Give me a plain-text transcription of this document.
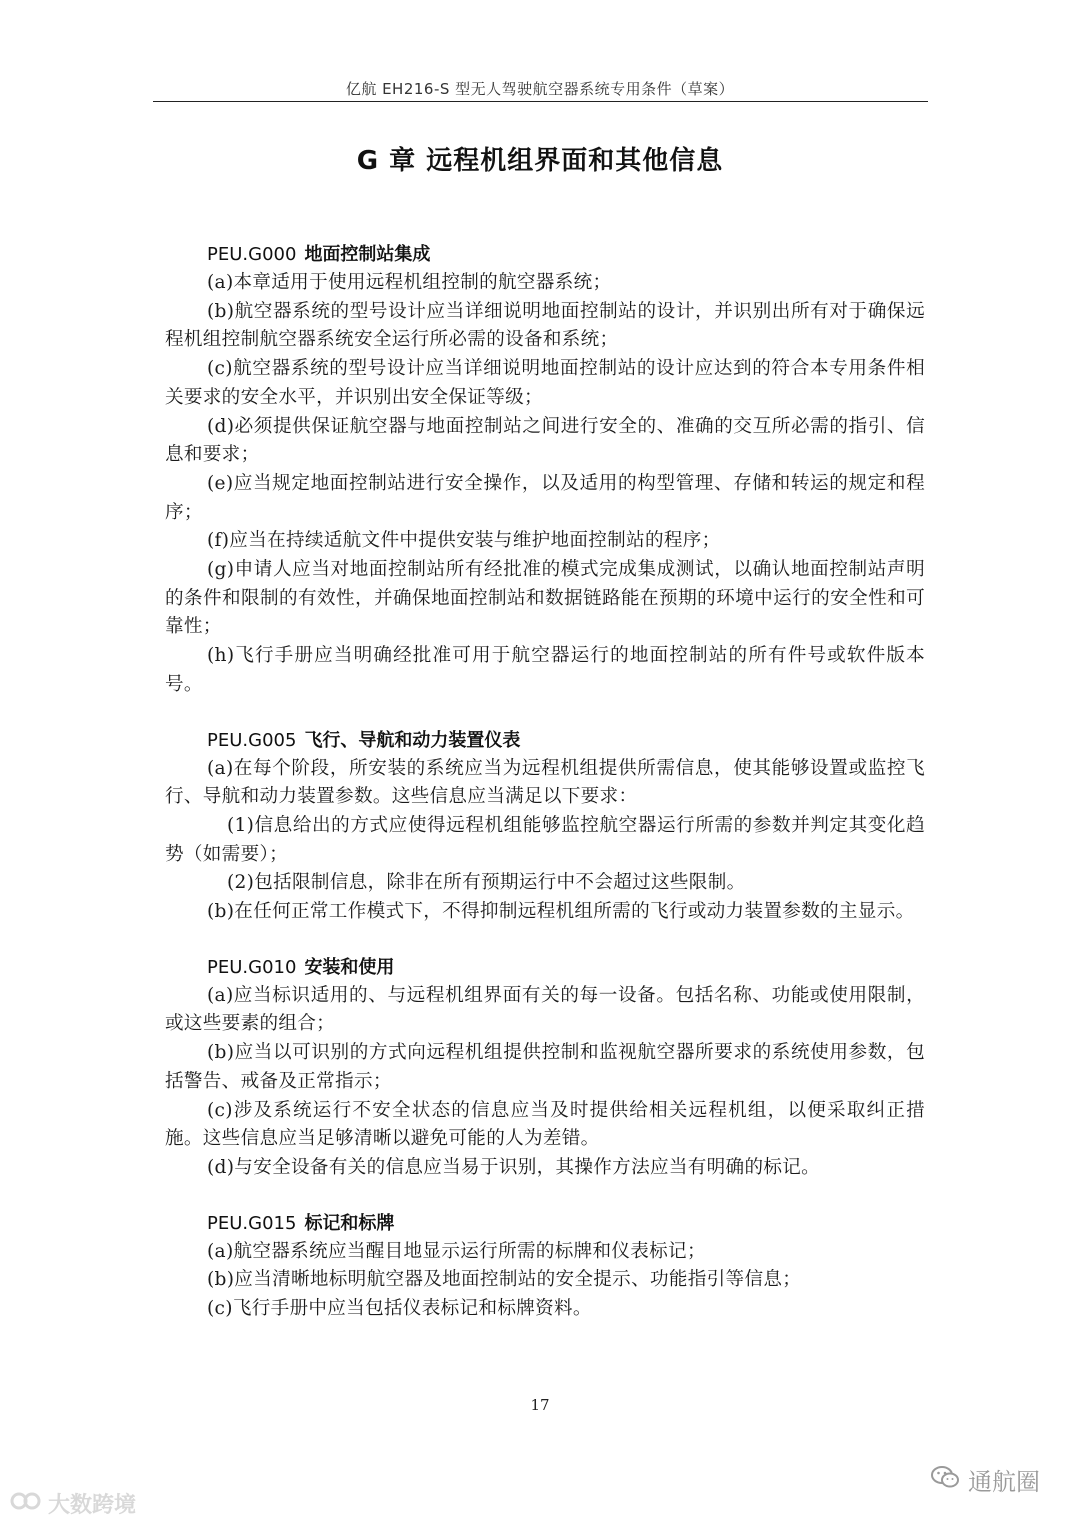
亿航 EH216-S 型无人驾驶航空器系统专用条件（草案）
G 章 远程机组界面和其他信息
PEU.G000 地面控制站集成

(a)本章适用于使用远程机组控制的航空器系统；

(b)航空器系统的型号设计应当详细说明地面控制站的设计，并识别出所有对于确保远程机组控制航空器系统安全运行所必需的设备和系统；

(c)航空器系统的型号设计应当详细说明地面控制站的设计应达到的符合本专用条件相关要求的安全水平，并识别出安全保证等级；

(d)必须提供保证航空器与地面控制站之间进行安全的、准确的交互所必需的指引、信息和要求；

(e)应当规定地面控制站进行安全操作，以及适用的构型管理、存储和转运的规定和程序；

(f)应当在持续适航文件中提供安装与维护地面控制站的程序；

(g)申请人应当对地面控制站所有经批准的模式完成集成测试，以确认地面控制站声明的条件和限制的有效性，并确保地面控制站和数据链路能在预期的环境中运行的安全性和可靠性；

(h)飞行手册应当明确经批准可用于航空器运行的地面控制站的所有件号或软件版本号。

PEU.G005 飞行、导航和动力装置仪表

(a)在每个阶段，所安装的系统应当为远程机组提供所需信息，使其能够设置或监控飞行、导航和动力装置参数。这些信息应当满足以下要求：

(1)信息给出的方式应使得远程机组能够监控航空器运行所需的参数并判定其变化趋势（如需要）；

(2)包括限制信息，除非在所有预期运行中不会超过这些限制。

(b)在任何正常工作模式下，不得抑制远程机组所需的飞行或动力装置参数的主显示。

PEU.G010 安装和使用

(a)应当标识适用的、与远程机组界面有关的每一设备。包括名称、功能或使用限制，或这些要素的组合；

(b)应当以可识别的方式向远程机组提供控制和监视航空器所要求的系统使用参数，包括警告、戒备及正常指示；

(c)涉及系统运行不安全状态的信息应当及时提供给相关远程机组，以便采取纠正措施。这些信息应当足够清晰以避免可能的人为差错。

(d)与安全设备有关的信息应当易于识别，其操作方法应当有明确的标记。

PEU.G015 标记和标牌

(a)航空器系统应当醒目地显示运行所需的标牌和仪表标记；

(b)应当清晰地标明航空器及地面控制站的安全提示、功能指引等信息；

(c)飞行手册中应当包括仪表标记和标牌资料。

17
大数跨境
通航圈
